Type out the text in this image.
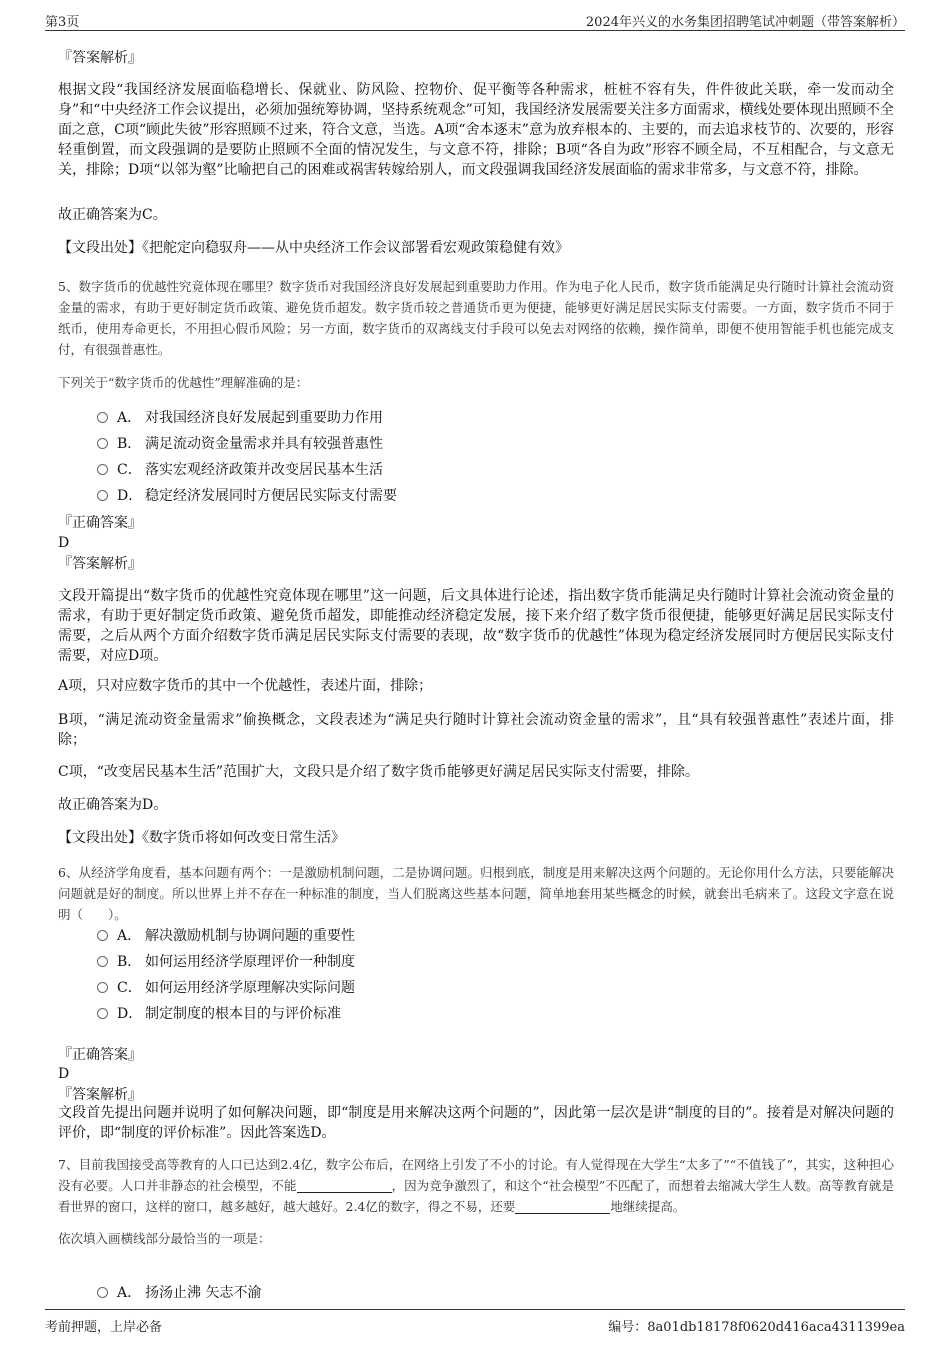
第3页	2024年兴义的水务集团招聘笔试冲刺题（带答案解析）
『答案解析』
根据文段“我国经济发展面临稳增长、保就业、防风险、控物价、促平衡等各种需求，桩桩不容有失，件件彼此关联，牵一发而动全身”和“中央经济工作会议提出，必须加强统筹协调，坚持系统观念”可知，我国经济发展需要关注多方面需求，横线处要体现出照顾不全面之意，C项“顾此失彼”形容照顾不过来，符合文意，当选。A项“舍本逐末”意为放弃根本的、主要的，而去追求枝节的、次要的，形容轻重倒置，而文段强调的是要防止照顾不全面的情况发生，与文意不符，排除；B项“各自为政”形容不顾全局，不互相配合，与文意无关，排除；D项“以邻为壑”比喻把自己的困难或祸害转嫁给别人，而文段强调我国经济发展面临的需求非常多，与文意不符，排除。
故正确答案为C。
【文段出处】《把舵定向稳驭舟——从中央经济工作会议部署看宏观政策稳健有效》
5、数字货币的优越性究竟体现在哪里？数字货币对我国经济良好发展起到重要助力作用。作为电子化人民币，数字货币能满足央行随时计算社会流动资金量的需求，有助于更好制定货币政策、避免货币超发。数字货币较之普通货币更为便捷，能够更好满足居民实际支付需要。一方面，数字货币不同于纸币，使用寿命更长，不用担心假币风险；另一方面，数字货币的双离线支付手段可以免去对网络的依赖，操作简单，即便不使用智能手机也能完成支付，有很强普惠性。
下列关于“数字货币的优越性”理解准确的是：
A． 对我国经济良好发展起到重要助力作用
B． 满足流动资金量需求并具有较强普惠性
C． 落实宏观经济政策并改变居民基本生活
D． 稳定经济发展同时方便居民实际支付需要
『正确答案』
D
『答案解析』
文段开篇提出“数字货币的优越性究竟体现在哪里”这一问题，后文具体进行论述，指出数字货币能满足央行随时计算社会流动资金量的需求，有助于更好制定货币政策、避免货币超发，即能推动经济稳定发展，接下来介绍了数字货币很便捷，能够更好满足居民实际支付需要，之后从两个方面介绍数字货币满足居民实际支付需要的表现，故“数字货币的优越性”体现为稳定经济发展同时方便居民实际支付需要，对应D项。
A项，只对应数字货币的其中一个优越性，表述片面，排除；
B项，“满足流动资金量需求”偷换概念，文段表述为“满足央行随时计算社会流动资金量的需求”，且“具有较强普惠性”表述片面，排除；
C项，“改变居民基本生活”范围扩大，文段只是介绍了数字货币能够更好满足居民实际支付需要，排除。
故正确答案为D。
【文段出处】《数字货币将如何改变日常生活》
6、从经济学角度看，基本问题有两个：一是激励机制问题，二是协调问题。归根到底，制度是用来解决这两个问题的。无论你用什么方法，只要能解决问题就是好的制度。所以世界上并不存在一种标准的制度，当人们脱离这些基本问题，简单地套用某些概念的时候，就套出毛病来了。这段文字意在说明（　　）。
A． 解决激励机制与协调问题的重要性
B． 如何运用经济学原理评价一种制度
C． 如何运用经济学原理解决实际问题
D． 制定制度的根本目的与评价标准
『正确答案』
D
『答案解析』
文段首先提出问题并说明了如何解决问题，即“制度是用来解决这两个问题的”，因此第一层次是讲“制度的目的”。接着是对解决问题的评价，即“制度的评价标准”。因此答案选D。
7、目前我国接受高等教育的人口已达到2.4亿，数字公布后，在网络上引发了不小的讨论。有人觉得现在大学生“太多了”“不值钱了”，其实，这种担心没有必要。人口并非静态的社会模型，不能	，因为竞争激烈了，和这个“社会模型”不匹配了，而想着去缩减大学生人数。高等教育就是看世界的窗口，这样的窗口，越多越好，越大越好。2.4亿的数字，得之不易，还要	地继续提高。
依次填入画横线部分最恰当的一项是：
A． 扬汤止沸 矢志不渝
考前押题，上岸必备	编号：8a01db18178f0620d416aca4311399ea
